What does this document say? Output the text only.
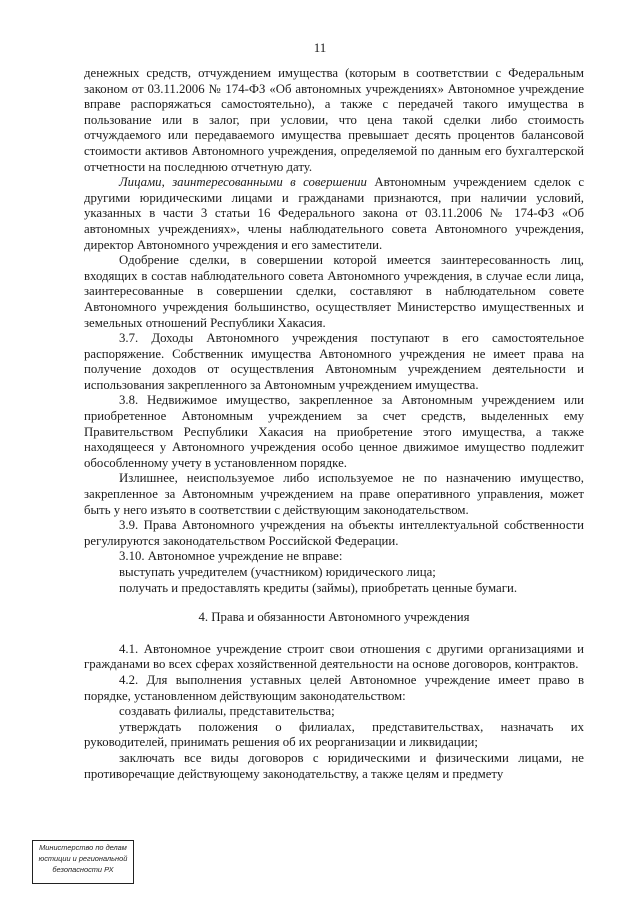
11

денежных средств, отчуждением имущества (которым в соответствии с Федеральным законом от 03.11.2006 № 174-ФЗ «Об автономных учреждениях» Автономное учреждение вправе распоряжаться самостоятельно), а также с передачей такого имущества в пользование или в залог, при условии, что цена такой сделки либо стоимость отчуждаемого или передаваемого имущества превышает десять процентов балансовой стоимости активов Автономного учреждения, определяемой по данным его бухгалтерской отчетности на последнюю отчетную дату.

Лицами, заинтересованными в совершении Автономным учреждением сделок с другими юридическими лицами и гражданами признаются, при наличии условий, указанных в части 3 статьи 16 Федерального закона от 03.11.2006 № 174-ФЗ «Об автономных учреждениях», члены наблюдательного совета Автономного учреждения, директор Автономного учреждения и его заместители.

Одобрение сделки, в совершении которой имеется заинтересованность лиц, входящих в состав наблюдательного совета Автономного учреждения, в случае если лица, заинтересованные в совершении сделки, составляют в наблюдательном совете Автономного учреждения большинство, осуществляет Министерство имущественных и земельных отношений Республики Хакасия.

3.7. Доходы Автономного учреждения поступают в его самостоятельное распоряжение. Собственник имущества Автономного учреждения не имеет права на получение доходов от осуществления Автономным учреждением деятельности и использования закрепленного за Автономным учреждением имущества.

3.8. Недвижимое имущество, закрепленное за Автономным учреждением или приобретенное Автономным учреждением за счет средств, выделенных ему Правительством Республики Хакасия на приобретение этого имущества, а также находящееся у Автономного учреждения особо ценное движимое имущество подлежит обособленному учету в установленном порядке.

Излишнее, неиспользуемое либо используемое не по назначению имущество, закрепленное за Автономным учреждением на праве оперативного управления, может быть у него изъято в соответствии с действующим законодательством.

3.9. Права Автономного учреждения на объекты интеллектуальной собственности регулируются законодательством Российской Федерации.

3.10. Автономное учреждение не вправе:

выступать учредителем (участником) юридического лица;

получать и предоставлять кредиты (займы), приобретать ценные бумаги.

4. Права и обязанности Автономного учреждения

4.1. Автономное учреждение строит свои отношения с другими организациями и гражданами во всех сферах хозяйственной деятельности на основе договоров, контрактов.

4.2. Для выполнения уставных целей Автономное учреждение имеет право в порядке, установленном действующим законодательством:

создавать филиалы, представительства;

утверждать положения о филиалах, представительствах, назначать их руководителей, принимать решения об их реорганизации и ликвидации;

заключать все виды договоров с юридическими и физическими лицами, не противоречащие действующему законодательству, а также целям и предмету

Министерство по делам
юстиции и региональной
безопасности РХ
